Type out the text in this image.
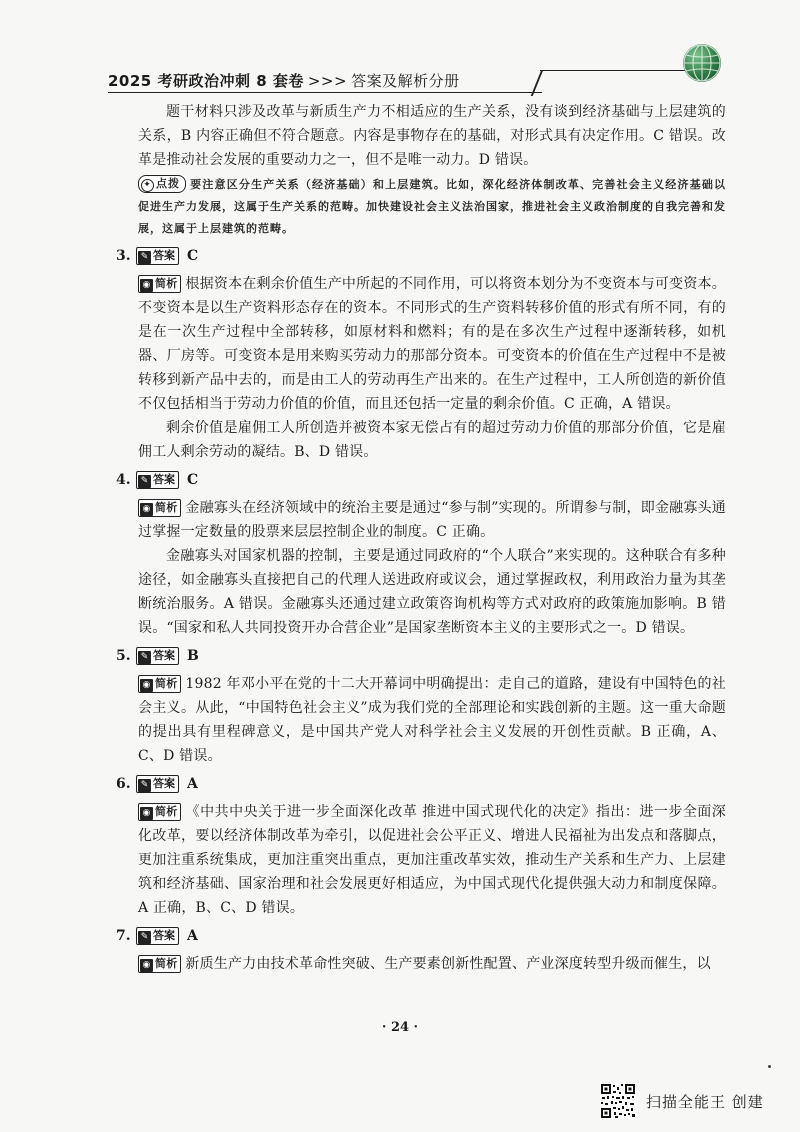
2025 考研政治冲刺 8 套卷 >>> 答案及解析分册

题干材料只涉及改革与新质生产力不相适应的生产关系，没有谈到经济基础与上层建筑的关系，B 内容正确但不符合题意。内容是事物存在的基础，对形式具有决定作用。C 错误。改革是推动社会发展的重要动力之一，但不是唯一动力。D 错误。

✦ 点拨 要注意区分生产关系（经济基础）和上层建筑。比如，深化经济体制改革、完善社会主义经济基础以促进生产力发展，这属于生产关系的范畴。加快建设社会主义法治国家，推进社会主义政治制度的自我完善和发展，这属于上层建筑的范畴。

3. ✎ 答案 C

◉ 简析 根据资本在剩余价值生产中所起的不同作用，可以将资本划分为不变资本与可变资本。不变资本是以生产资料形态存在的资本。不同形式的生产资料转移价值的形式有所不同，有的是在一次生产过程中全部转移，如原材料和燃料；有的是在多次生产过程中逐渐转移，如机器、厂房等。可变资本是用来购买劳动力的那部分资本。可变资本的价值在生产过程中不是被转移到新产品中去的，而是由工人的劳动再生产出来的。在生产过程中，工人所创造的新价值不仅包括相当于劳动力价值的价值，而且还包括一定量的剩余价值。C 正确，A 错误。

剩余价值是雇佣工人所创造并被资本家无偿占有的超过劳动力价值的那部分价值，它是雇佣工人剩余劳动的凝结。B、D 错误。

4. ✎ 答案 C

◉ 简析 金融寡头在经济领域中的统治主要是通过“参与制”实现的。所谓参与制，即金融寡头通过掌握一定数量的股票来层层控制企业的制度。C 正确。

金融寡头对国家机器的控制，主要是通过同政府的“个人联合”来实现的。这种联合有多种途径，如金融寡头直接把自己的代理人送进政府或议会，通过掌握政权，利用政治力量为其垄断统治服务。A 错误。金融寡头还通过建立政策咨询机构等方式对政府的政策施加影响。B 错误。“国家和私人共同投资开办合营企业”是国家垄断资本主义的主要形式之一。D 错误。

5. ✎ 答案 B

◉ 简析 1982 年邓小平在党的十二大开幕词中明确提出：走自己的道路，建设有中国特色的社会主义。从此，“中国特色社会主义”成为我们党的全部理论和实践创新的主题。这一重大命题的提出具有里程碑意义，是中国共产党人对科学社会主义发展的开创性贡献。B 正确，A、C、D 错误。

6. ✎ 答案 A

◉ 简析 《中共中央关于进一步全面深化改革 推进中国式现代化的决定》指出：进一步全面深化改革，要以经济体制改革为牵引，以促进社会公平正义、增进人民福祉为出发点和落脚点，更加注重系统集成，更加注重突出重点，更加注重改革实效，推动生产关系和生产力、上层建筑和经济基础、国家治理和社会发展更好相适应，为中国式现代化提供强大动力和制度保障。A 正确，B、C、D 错误。

7. ✎ 答案 A

◉ 简析 新质生产力由技术革命性突破、生产要素创新性配置、产业深度转型升级而催生，以

· 24 ·
扫描全能王 创建
